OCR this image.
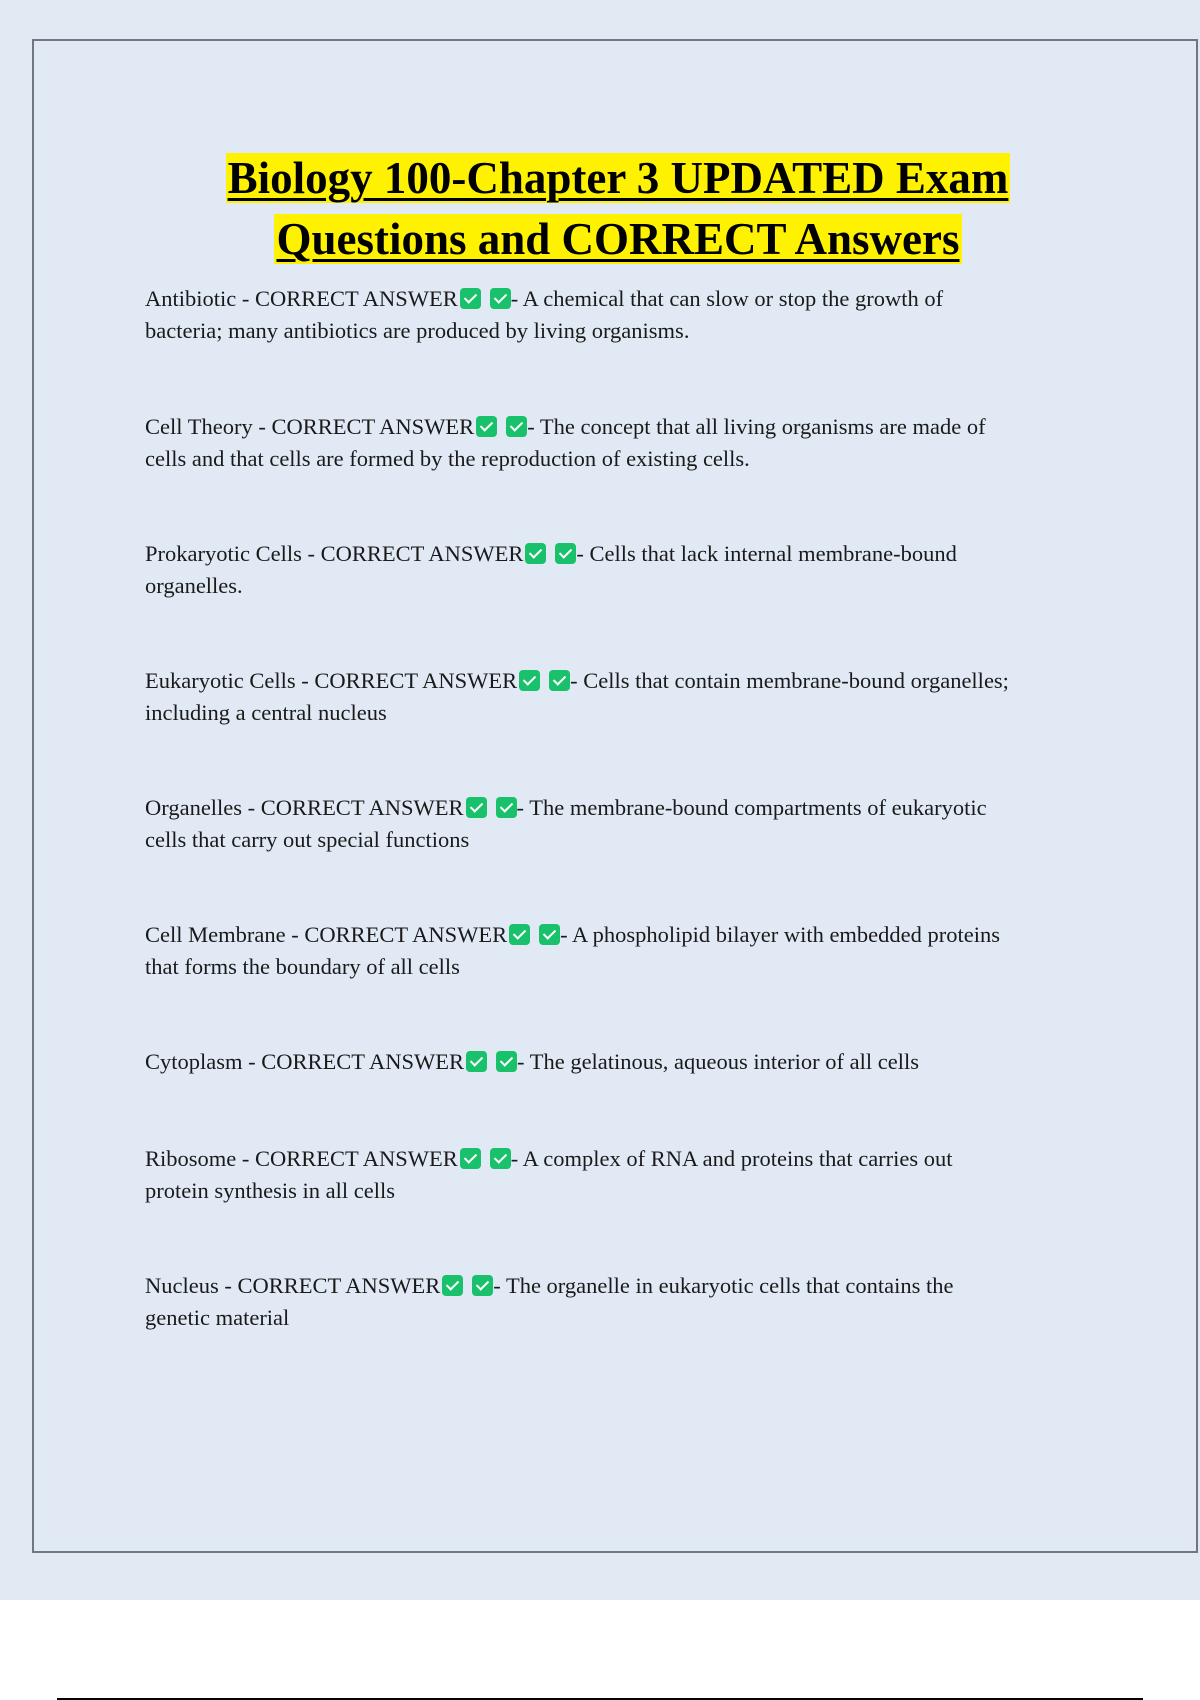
Biology 100-Chapter 3 UPDATED Exam
Questions and CORRECT Answers
Antibiotic - CORRECT ANSWER - A chemical that can slow or stop the growth of
bacteria; many antibiotics are produced by living organisms.
Cell Theory - CORRECT ANSWER - The concept that all living organisms are made of
cells and that cells are formed by the reproduction of existing cells.
Prokaryotic Cells - CORRECT ANSWER - Cells that lack internal membrane-bound
organelles.
Eukaryotic Cells - CORRECT ANSWER - Cells that contain membrane-bound organelles;
including a central nucleus
Organelles - CORRECT ANSWER - The membrane-bound compartments of eukaryotic
cells that carry out special functions
Cell Membrane - CORRECT ANSWER - A phospholipid bilayer with embedded proteins
that forms the boundary of all cells
Cytoplasm - CORRECT ANSWER - The gelatinous, aqueous interior of all cells
Ribosome - CORRECT ANSWER - A complex of RNA and proteins that carries out
protein synthesis in all cells
Nucleus - CORRECT ANSWER - The organelle in eukaryotic cells that contains the
genetic material
